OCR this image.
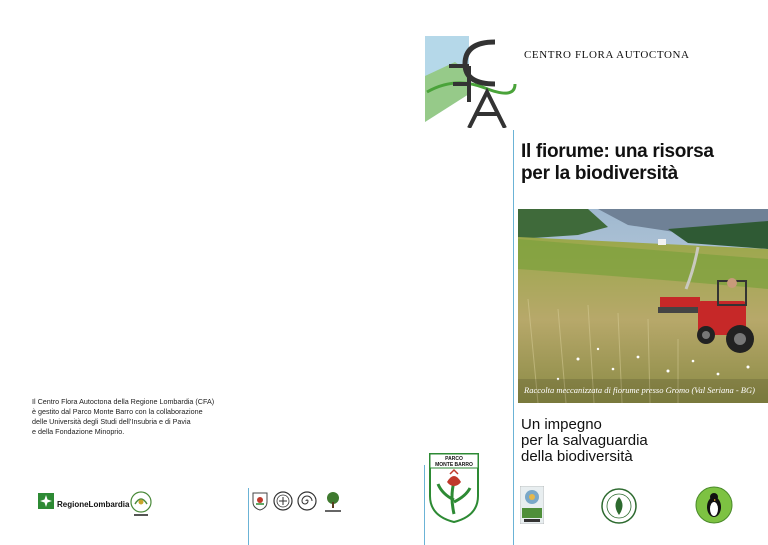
Il Centro Flora Autoctona della Regione Lombardia (CFA)
è gestito dal Parco Monte Barro con la collaborazione
delle Università degli Studi dell’Insubria e di Pavia
e della Fondazione Minoprio.
RegioneLombardia
PARCO
MONTE BARRO
CENTRO FLORA AUTOCTONA
Il fiorume: una risorsa
per la biodiversità
Raccolta meccanizzata di fiorume presso Gromo (Val Seriana - BG)
Un impegno
per la salvaguardia
della biodiversità
